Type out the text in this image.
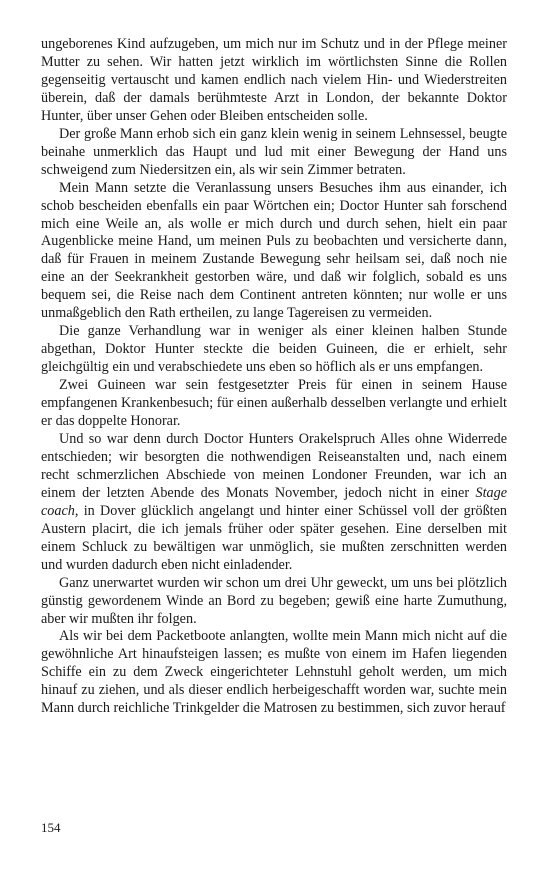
ungeborenes Kind aufzugeben, um mich nur im Schutz und in der Pflege meiner Mutter zu sehen. Wir hatten jetzt wirklich im wörtlichsten Sinne die Rollen gegenseitig vertauscht und kamen endlich nach vielem Hin- und Wiederstreiten überein, daß der damals berühmteste Arzt in London, der bekannte Doktor Hunter, über unser Gehen oder Bleiben entscheiden solle.

Der große Mann erhob sich ein ganz klein wenig in seinem Lehnsessel, beugte beinahe unmerklich das Haupt und lud mit einer Bewegung der Hand uns schweigend zum Niedersitzen ein, als wir sein Zimmer betraten.

Mein Mann setzte die Veranlassung unsers Besuches ihm aus einander, ich schob bescheiden ebenfalls ein paar Wörtchen ein; Doctor Hunter sah forschend mich eine Weile an, als wolle er mich durch und durch sehen, hielt ein paar Augenblicke meine Hand, um meinen Puls zu beobachten und versicherte dann, daß für Frauen in meinem Zustande Bewegung sehr heilsam sei, daß noch nie eine an der Seekrankheit gestorben wäre, und daß wir folglich, sobald es uns bequem sei, die Reise nach dem Continent antreten könnten; nur wolle er uns unmaßgeblich den Rath ertheilen, zu lange Tagereisen zu vermeiden.

Die ganze Verhandlung war in weniger als einer kleinen halben Stunde abgethan, Doktor Hunter steckte die beiden Guineen, die er erhielt, sehr gleichgültig ein und verabschiedete uns eben so höflich als er uns empfangen.

Zwei Guineen war sein festgesetzter Preis für einen in seinem Hause empfangenen Krankenbesuch; für einen außerhalb desselben verlangte und erhielt er das doppelte Honorar.

Und so war denn durch Doctor Hunters Orakelspruch Alles ohne Widerrede entschieden; wir besorgten die nothwendigen Reiseanstalten und, nach einem recht schmerzlichen Abschiede von meinen Londoner Freunden, war ich an einem der letzten Abende des Monats November, jedoch nicht in einer Stage coach, in Dover glücklich angelangt und hinter einer Schüssel voll der größten Austern placirt, die ich jemals früher oder später gesehen. Eine derselben mit einem Schluck zu bewältigen war unmöglich, sie mußten zerschnitten werden und wurden dadurch eben nicht einladender.

Ganz unerwartet wurden wir schon um drei Uhr geweckt, um uns bei plötzlich günstig gewordenem Winde an Bord zu begeben; gewiß eine harte Zumuthung, aber wir mußten ihr folgen.

Als wir bei dem Packetboote anlangten, wollte mein Mann mich nicht auf die gewöhnliche Art hinaufsteigen lassen; es mußte von einem im Hafen liegenden Schiffe ein zu dem Zweck eingerichteter Lehnstuhl geholt werden, um mich hinauf zu ziehen, und als dieser endlich herbeigeschafft worden war, suchte mein Mann durch reichliche Trinkgelder die Matrosen zu bestimmen, sich zuvor herauf

154
